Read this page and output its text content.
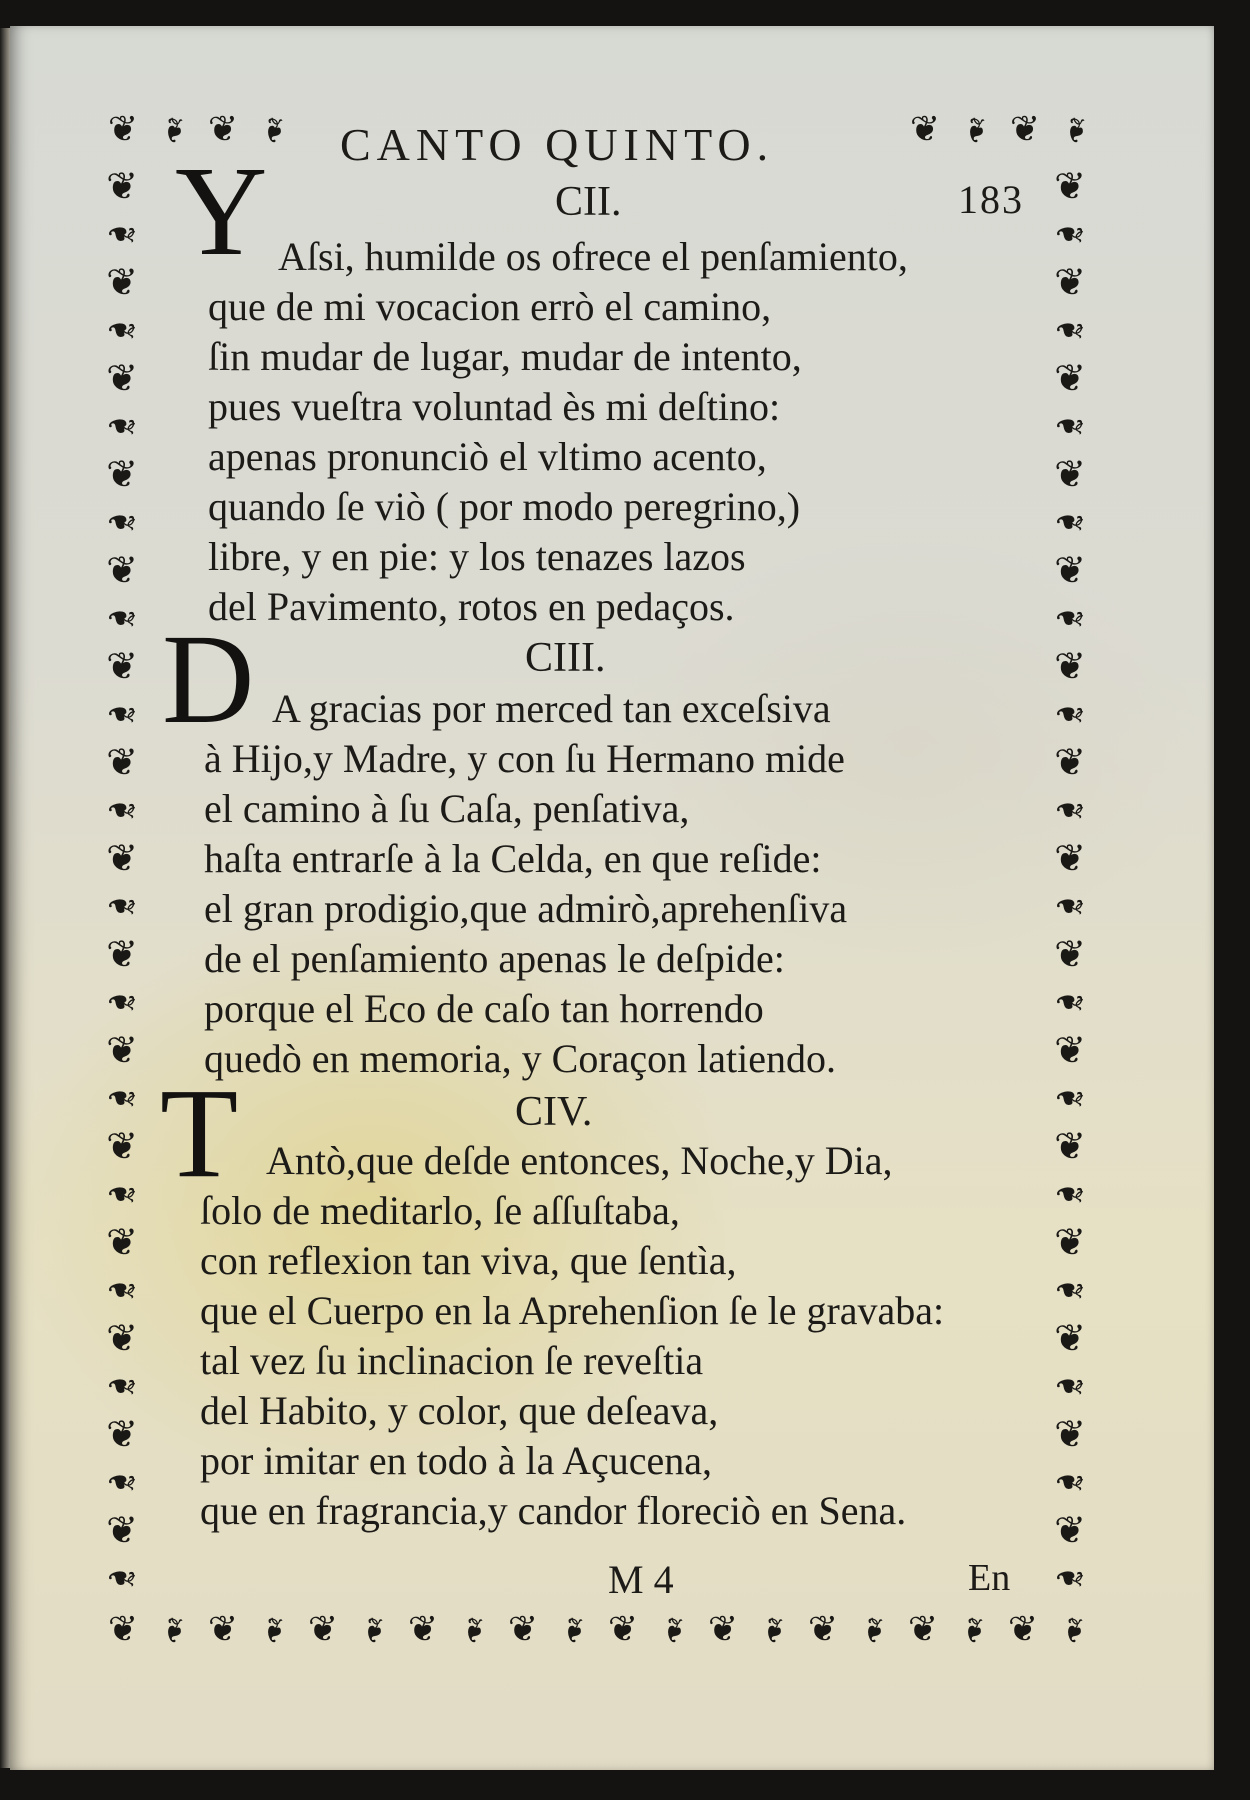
❦ ❧ ❦ ❧	❦ ❧ ❦ ❧
❦ ❧ ❦ ❧ ❦ ❧ ❦ ❧ ❦ ❧ ❦ ❧ ❦ ❧ ❦ ❧ ❦ ❧ ❦ ❧
❦
❧
❦
❧
❦
❧
❦
❧
❦
❧
❦
❧
❦
❧
❦
❧
❦
❧
❦
❧
❦
❧
❦
❧
❦
❧
❦
❧
❦
❧
❦
❧
❦
❧
❦
❧
❦
❧
❦
❧
❦
❧
❦
❧
❦
❧
❦
❧
❦
❧
❦
❧
❦
❧
❦
❧
❦
❧
❦
❧
CANTO QUINTO.
183
CII.
Y Aſsi, humilde os ofrece el penſamiento,
que de mi vocacion errò el camino,
ſin mudar de lugar, mudar de intento,
pues vueſtra voluntad ès mi deſtino:
apenas pronunciò el vltimo acento,
quando ſe viò ( por modo peregrino,)
libre, y en pie: y los tenazes lazos
del Pavimento, rotos en pedaços.
CIII.
D A gracias por merced tan exceſsiva
à Hijo,y Madre, y con ſu Hermano mide
el camino à ſu Caſa, penſativa,
haſta entrarſe à la Celda, en que reſide:
el gran prodigio,que admirò,aprehenſiva
de el penſamiento apenas le deſpide:
porque el Eco de caſo tan horrendo
quedò en memoria, y Coraçon latiendo.
CIV.
T Antò,que deſde entonces, Noche,y Dia,
ſolo de meditarlo, ſe aſſuſtaba,
con reflexion tan viva, que ſentìa,
que el Cuerpo en la Aprehenſion ſe le gravaba:
tal vez ſu inclinacion ſe reveſtia
del Habito, y color, que deſeava,
por imitar en todo à la Açucena,
que en fragrancia,y candor floreciò en Sena.
M 4	En
